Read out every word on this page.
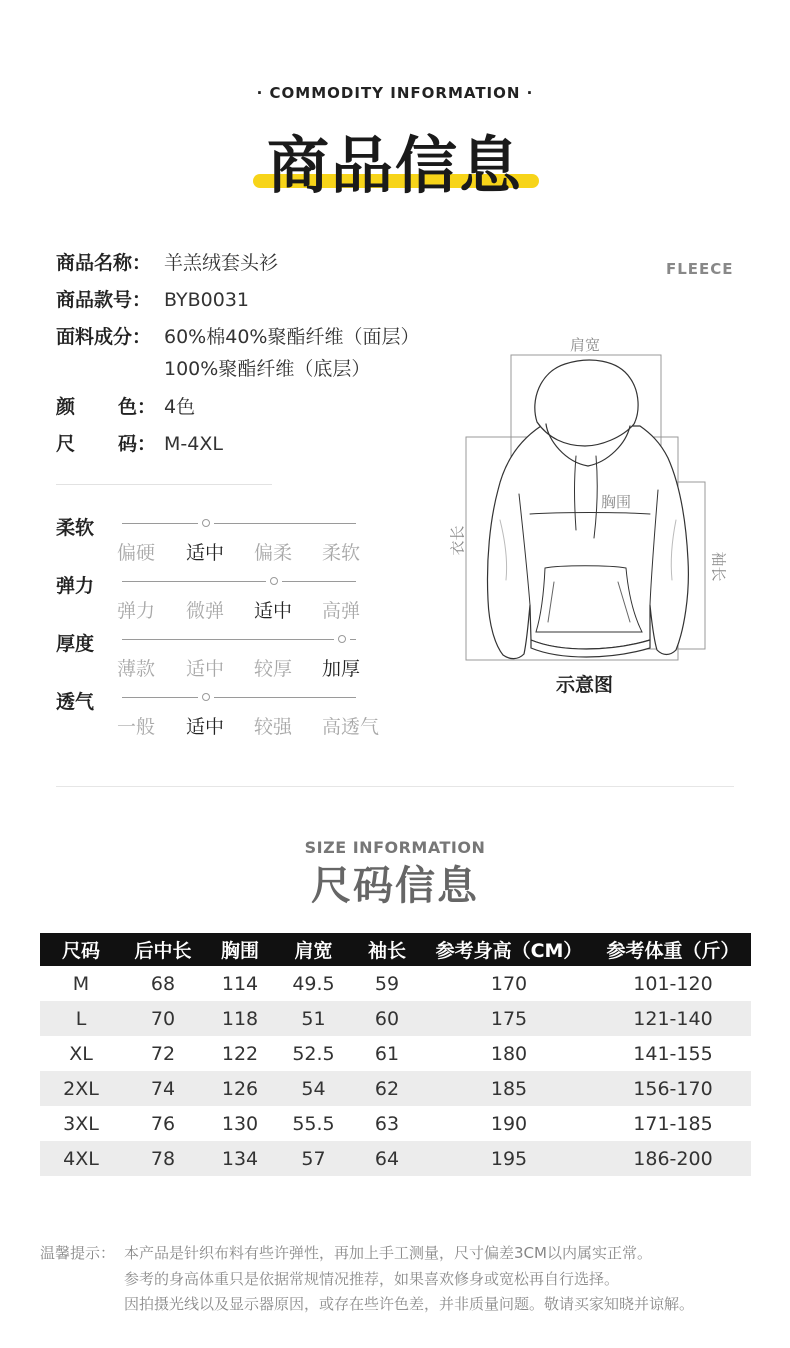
· COMMODITY INFORMATION ·
商品信息
商品名称： 羊羔绒套头衫
商品款号： BYB0031
面料成分： 60%棉40%聚酯纤维（面层）
100%聚酯纤维（底层）
颜 色： 4色
尺 码： M-4XL
柔软
偏硬 适中 偏柔 柔软
弹力
弹力 微弹 适中 高弹
厚度
薄款 适中 较厚 加厚
透气
一般 适中 较强 高透气
FLEECE
肩宽
胸围
衣长
袖长
示意图
SIZE INFORMATION
尺码信息
尺码	后中长	胸围	肩宽	袖长	参考身高（CM）	参考体重（斤）
M	68	114	49.5	59	170	101-120
L	70	118	51	60	175	121-140
XL	72	122	52.5	61	180	141-155
2XL	74	126	54	62	185	156-170
3XL	76	130	55.5	63	190	171-185
4XL	78	134	57	64	195	186-200
温馨提示： 本产品是针织布料有些许弹性，再加上手工测量，尺寸偏差3CM以内属实正常。
参考的身高体重只是依据常规情况推荐，如果喜欢修身或宽松再自行选择。
因拍摄光线以及显示器原因，或存在些许色差，并非质量问题。敬请买家知晓并谅解。
